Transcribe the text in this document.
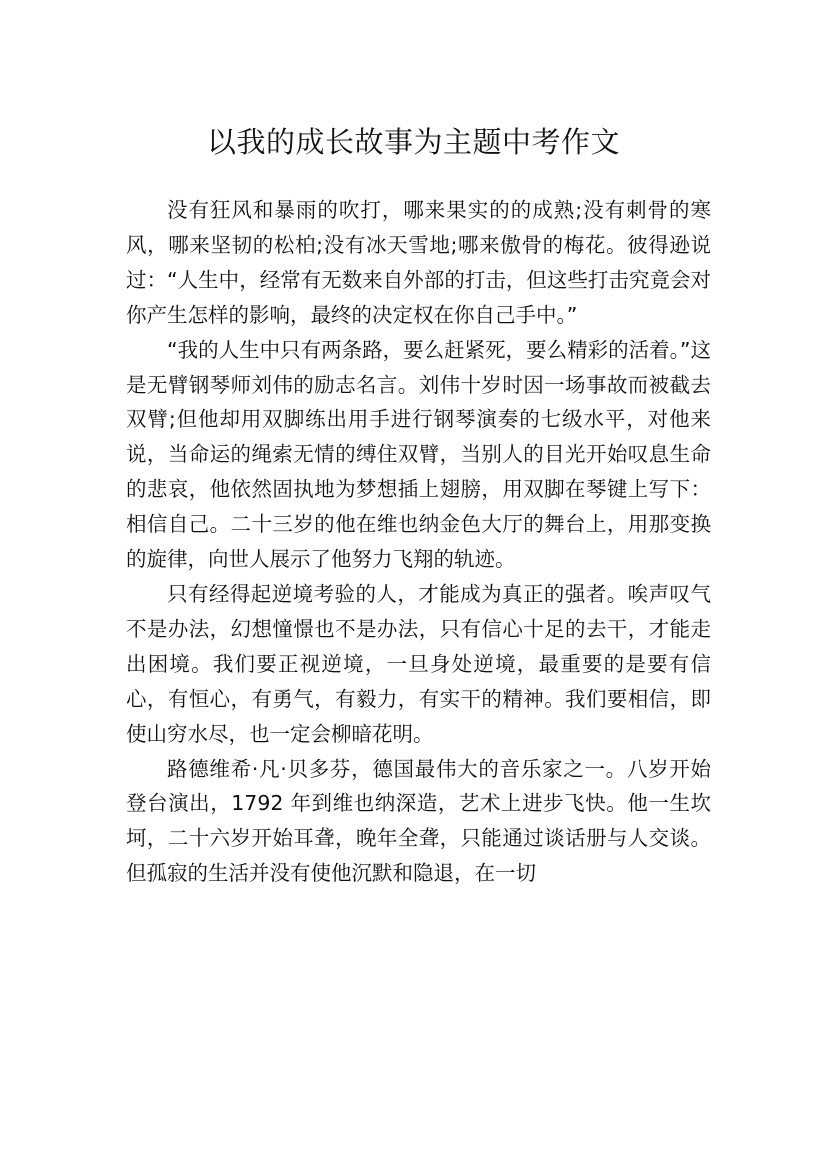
以我的成长故事为主题中考作文

没有狂风和暴雨的吹打，哪来果实的的成熟;没有刺骨的寒风，哪来坚韧的松柏;没有冰天雪地;哪来傲骨的梅花。彼得逊说过：“人生中，经常有无数来自外部的打击，但这些打击究竟会对你产生怎样的影响，最终的决定权在你自己手中。”

“我的人生中只有两条路，要么赶紧死，要么精彩的活着。”这是无臂钢琴师刘伟的励志名言。刘伟十岁时因一场事故而被截去双臂;但他却用双脚练出用手进行钢琴演奏的七级水平，对他来说，当命运的绳索无情的缚住双臂，当别人的目光开始叹息生命的悲哀，他依然固执地为梦想插上翅膀，用双脚在琴键上写下：相信自己。二十三岁的他在维也纳金色大厅的舞台上，用那变换的旋律，向世人展示了他努力飞翔的轨迹。

只有经得起逆境考验的人，才能成为真正的强者。唉声叹气不是办法，幻想憧憬也不是办法，只有信心十足的去干，才能走出困境。我们要正视逆境，一旦身处逆境，最重要的是要有信心，有恒心，有勇气，有毅力，有实干的精神。我们要相信，即使山穷水尽，也一定会柳暗花明。

路德维希·凡·贝多芬，德国最伟大的音乐家之一。八岁开始登台演出，1792 年到维也纳深造，艺术上进步飞快。他一生坎坷，二十六岁开始耳聋，晚年全聋，只能通过谈话册与人交谈。但孤寂的生活并没有使他沉默和隐退，在一切
